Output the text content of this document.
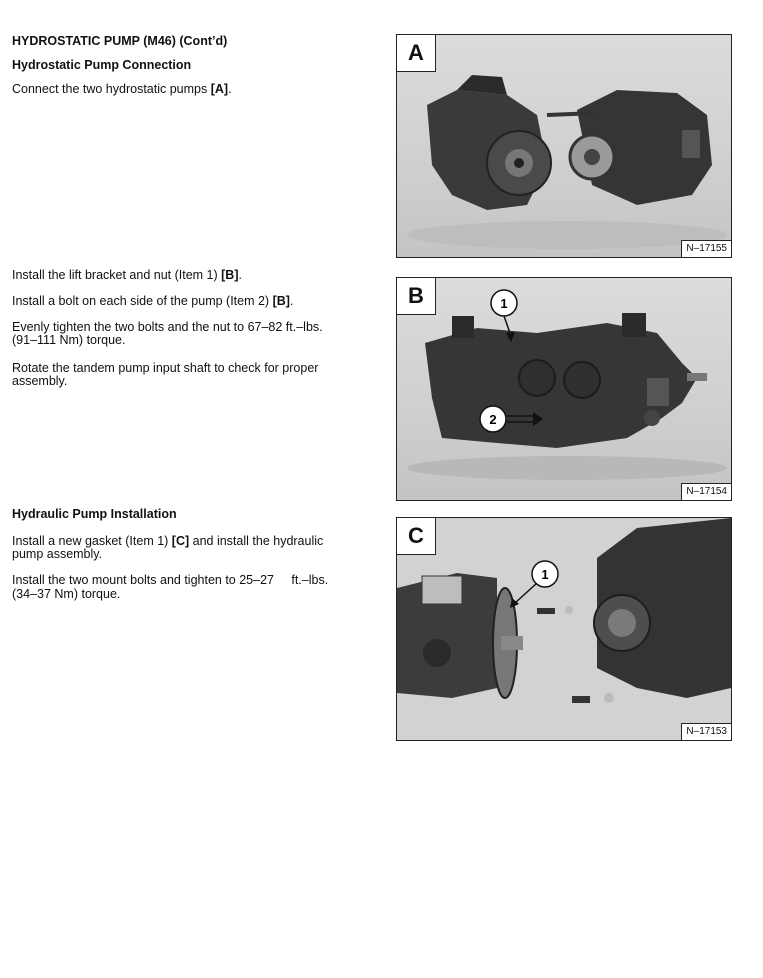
HYDROSTATIC PUMP (M46) (Cont’d)
Hydrostatic Pump Connection
Connect the two hydrostatic pumps [A].
Install the lift bracket and nut (Item 1) [B].
Install a bolt on each side of the pump (Item 2) [B].
Evenly tighten the two bolts and the nut to 67–82 ft.–lbs.
(91–111 Nm) torque.
Rotate the tandem pump input shaft to check for proper
assembly.
Hydraulic Pump Installation
Install a new gasket (Item 1) [C] and install the hydraulic
pump assembly.
Install the two mount bolts and tighten to 25–27     ft.–lbs.
(34–37 Nm) torque.
A
N–17155
1
2
B
N–17154
1
C
N–17153
